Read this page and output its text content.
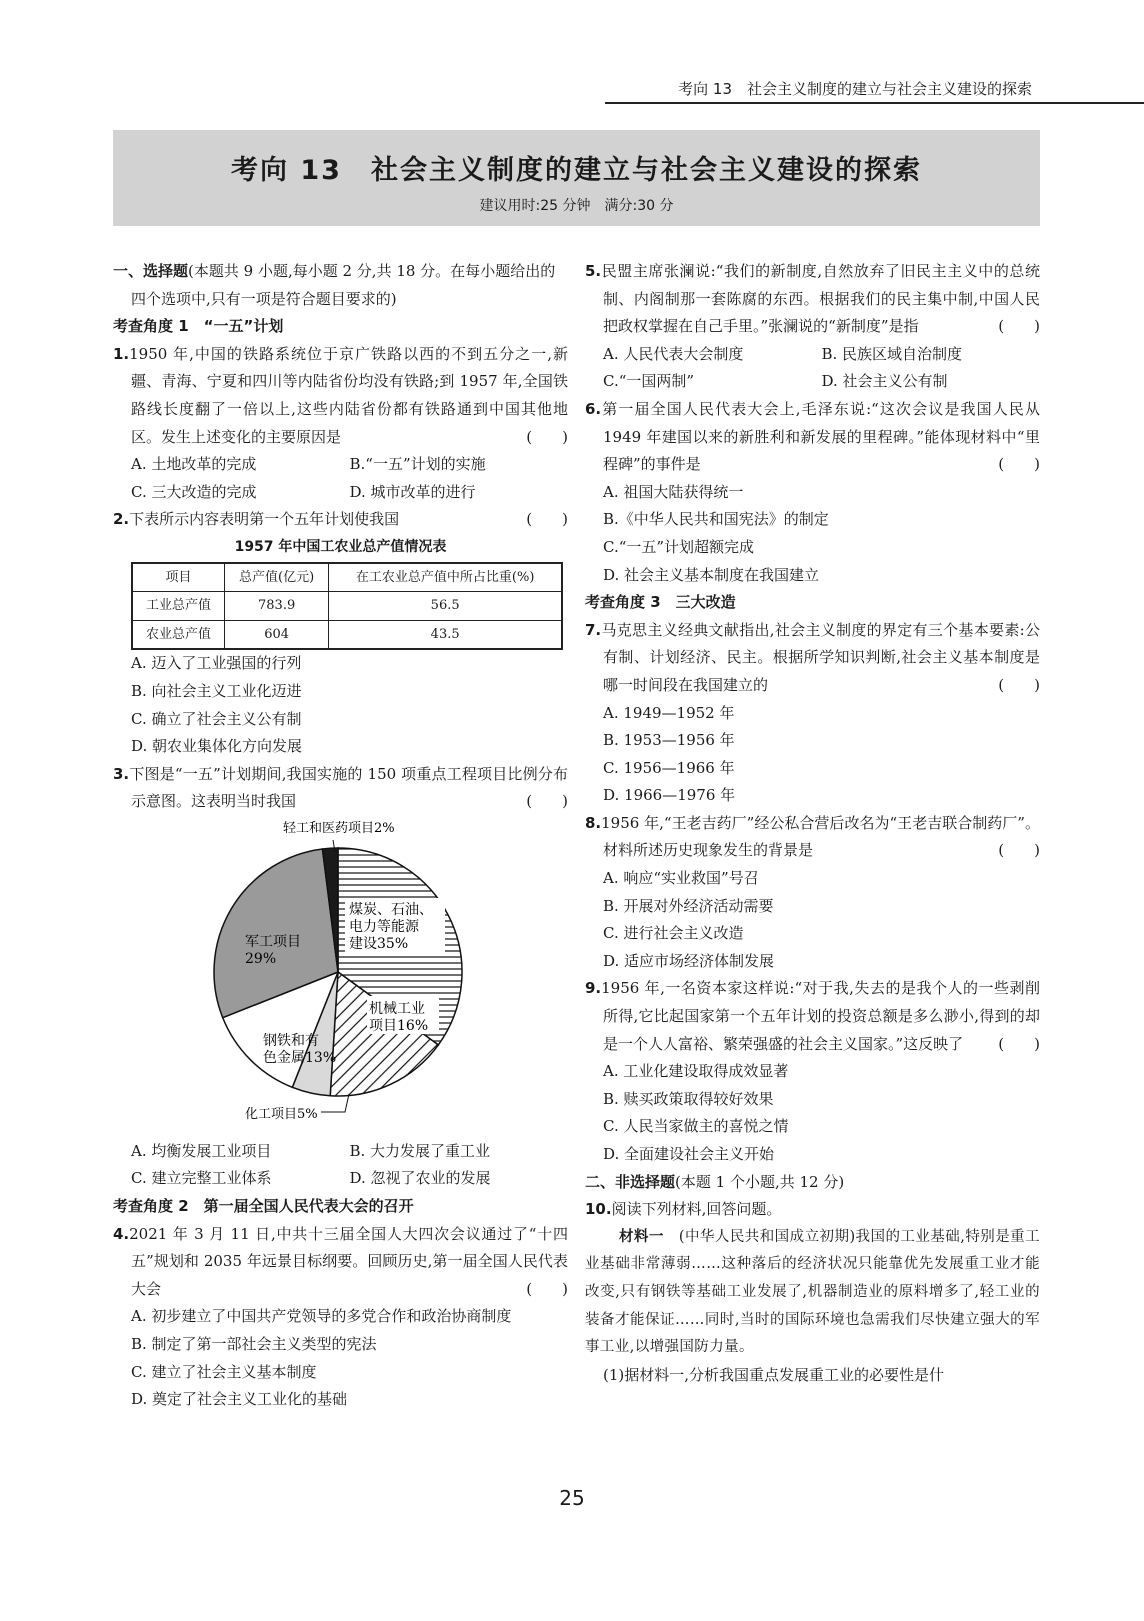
考向 13　社会主义制度的建立与社会主义建设的探索
考向 13　社会主义制度的建立与社会主义建设的探索
建议用时:25 分钟　满分:30 分

一、选择题(本题共 9 小题,每小题 2 分,共 18 分。在每小题给出的四个选项中,只有一项是符合题目要求的)

考查角度 1　“一五”计划

1.1950 年,中国的铁路系统位于京广铁路以西的不到五分之一,新疆、青海、宁夏和四川等内陆省份均没有铁路;到 1957 年,全国铁路线长度翻了一倍以上,这些内陆省份都有铁路通到中国其他地区。发生上述变化的主要原因是	(　　)

A. 土地改革的完成	B.“一五”计划的实施
C. 三大改造的完成	D. 城市改革的进行

2.下表所示内容表明第一个五年计划使我国	(　　)

1957 年中国工农业总产值情况表

项目	总产值(亿元)	在工农业总产值中所占比重(%)
工业总产值	783.9	56.5
农业总产值	604	43.5

A. 迈入了工业强国的行列

B. 向社会主义工业化迈进

C. 确立了社会主义公有制

D. 朝农业集体化方向发展

3.下图是“一五”计划期间,我国实施的 150 项重点工程项目比例分布示意图。这表明当时我国	(　　)

轻工和医药项目2%
煤炭、石油、
电力等能源
建设35%
机械工业
项目16%
钢铁和有
色金属13%
军工项目
29%
化工项目5%
A. 均衡发展工业项目	B. 大力发展了重工业
C. 建立完整工业体系	D. 忽视了农业的发展

考查角度 2　第一届全国人民代表大会的召开

4.2021 年 3 月 11 日,中共十三届全国人大四次会议通过了“十四五”规划和 2035 年远景目标纲要。回顾历史,第一届全国人民代表大会	(　　)

A. 初步建立了中国共产党领导的多党合作和政治协商制度

B. 制定了第一部社会主义类型的宪法

C. 建立了社会主义基本制度

D. 奠定了社会主义工业化的基础

5.民盟主席张澜说:“我们的新制度,自然放弃了旧民主主义中的总统制、内阁制那一套陈腐的东西。根据我们的民主集中制,中国人民把政权掌握在自己手里。”张澜说的“新制度”是指	(　　)

A. 人民代表大会制度	B. 民族区域自治制度
C.“一国两制”	D. 社会主义公有制

6.第一届全国人民代表大会上,毛泽东说:“这次会议是我国人民从 1949 年建国以来的新胜利和新发展的里程碑。”能体现材料中“里程碑”的事件是	(　　)

A. 祖国大陆获得统一

B.《中华人民共和国宪法》的制定

C.“一五”计划超额完成

D. 社会主义基本制度在我国建立

考查角度 3　三大改造

7.马克思主义经典文献指出,社会主义制度的界定有三个基本要素:公有制、计划经济、民主。根据所学知识判断,社会主义基本制度是哪一时间段在我国建立的	(　　)

A. 1949—1952 年

B. 1953—1956 年

C. 1956—1966 年

D. 1966—1976 年

8.1956 年,“王老吉药厂”经公私合营后改名为“王老吉联合制药厂”。材料所述历史现象发生的背景是	(　　)

A. 响应“实业救国”号召

B. 开展对外经济活动需要

C. 进行社会主义改造

D. 适应市场经济体制发展

9.1956 年,一名资本家这样说:“对于我,失去的是我个人的一些剥削所得,它比起国家第一个五年计划的投资总额是多么渺小,得到的却是一个人人富裕、繁荣强盛的社会主义国家。”这反映了 (　　)

A. 工业化建设取得成效显著

B. 赎买政策取得较好效果

C. 人民当家做主的喜悦之情

D. 全面建设社会主义开始

二、非选择题(本题 1 个小题,共 12 分)

10.阅读下列材料,回答问题。

材料一　 (中华人民共和国成立初期)我国的工业基础,特别是重工业基础非常薄弱……这种落后的经济状况只能靠优先发展重工业才能改变,只有钢铁等基础工业发展了,机器制造业的原料增多了,轻工业的装备才能保证……同时,当时的国际环境也急需我们尽快建立强大的军事工业,以增强国防力量。

(1)据材料一,分析我国重点发展重工业的必要性是什

25
